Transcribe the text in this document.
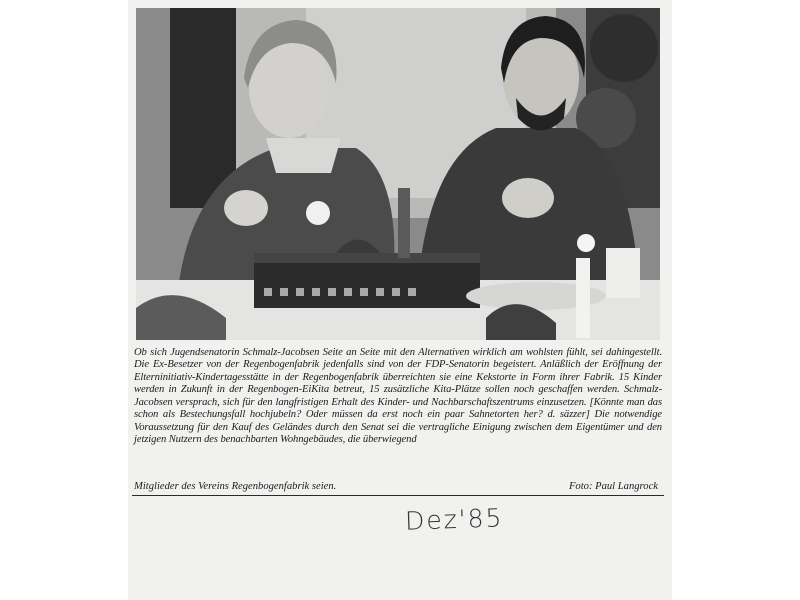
Ob sich Jugendsenatorin Schmalz-Jacobsen Seite an Seite mit den Alternativen wirklich am wohlsten fühlt, sei dahingestellt. Die Ex-Besetzer von der Regenbogenfabrik jedenfalls sind von der FDP-Senatorin begeistert. Anläßlich der Eröffnung der Elterninitiativ-Kindertagesstätte in der Regenbogenfabrik überreichten sie eine Kekstorte in Form ihrer Fabrik. 15 Kinder werden in Zukunft in der Regenbogen-EiKita betreut, 15 zusätzliche Kita-Plätze sollen noch geschaffen werden. Schmalz-Jacobsen versprach, sich für den langfristigen Erhalt des Kinder- und Nachbarschaftszentrums einzusetzen. [Könnte man das schon als Bestechungsfall hochjubeln? Oder müssen da erst noch ein paar Sahnetorten her? d. säzzer] Die notwendige Voraussetzung für den Kauf des Geländes durch den Senat sei die vertragliche Einigung zwischen dem Eigentümer und den jetzigen Nutzern des benachbarten Wohngebäudes, die überwiegend

Mitglieder des Vereins Regenbogenfabrik seien.	Foto: Paul Langrock
Dez'85
